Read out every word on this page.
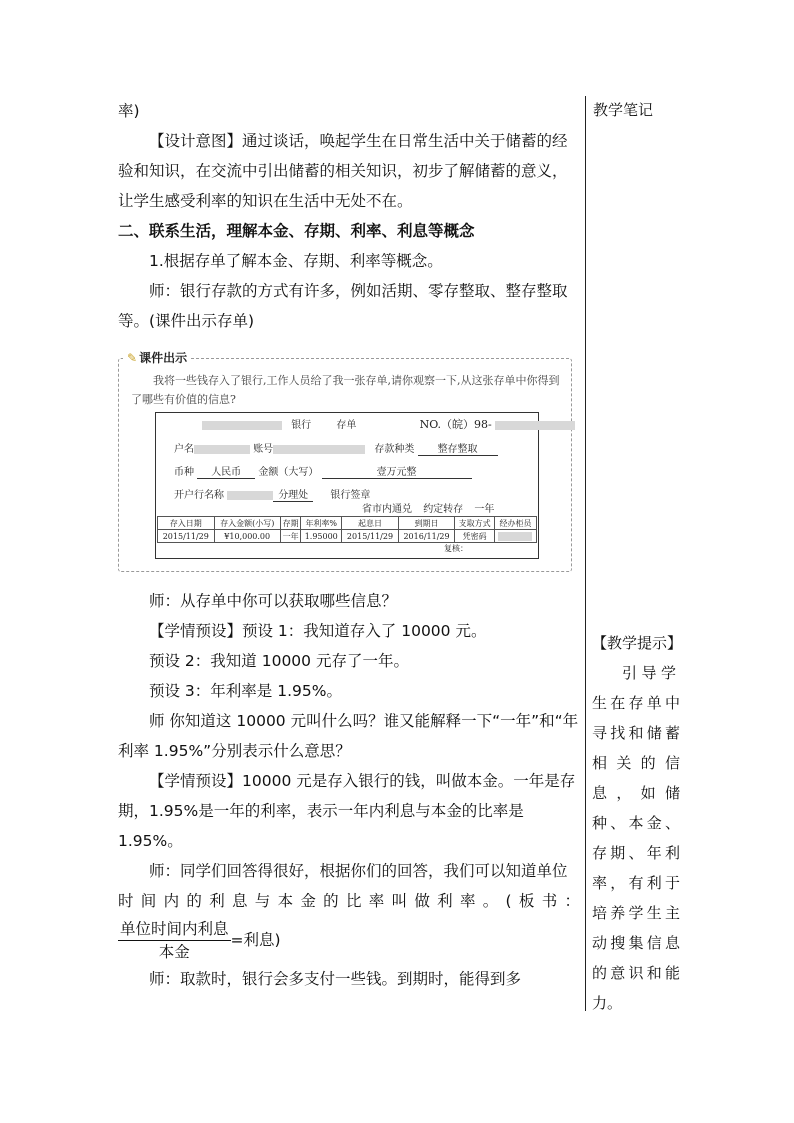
率)

【设计意图】通过谈话，唤起学生在日常生活中关于储蓄的经验和知识，在交流中引出储蓄的相关知识，初步了解储蓄的意义，让学生感受利率的知识在生活中无处不在。

二、联系生活，理解本金、存期、利率、利息等概念

1.根据存单了解本金、存期、利率等概念。

师：银行存款的方式有许多，例如活期、零存整取、整存整取等。(课件出示存单)

师：从存单中你可以获取哪些信息？

【学情预设】预设 1：我知道存入了 10000 元。

预设 2：我知道 10000 元存了一年。

预设 3：年利率是 1.95%。

师 你知道这 10000 元叫什么吗？谁又能解释一下“一年”和“年利率 1.95%”分别表示什么意思？

【学情预设】10000 元是存入银行的钱，叫做本金。一年是存期，1.95%是一年的利率，表示一年内利息与本金的比率是 1.95%。

师：同学们回答得很好，根据你们的回答，我们可以知道单位

时间内的利息与本金的比率叫做利率。(板书：

$\frac{\text{单位时间内利息}}{\text{本金}}$ =利息)

师：取款时，银行会多支付一些钱。到期时，能得到多

✎ 课件出示
我将一些钱存入了银行,工作人员给了我一张存单,请你观察一下,从这张存单中你得到了哪些有价值的信息?
银行	存单	NO.（皖）98-
户名	账号	存款种类 整存整取
币种 人民币 金额（大写）	壹万元整
开户行名称	分理处 银行签章
省市内通兑 约定转存 一年
存入日期	存入金额(小写)	存期	年利率%	起息日	到期日	支取方式	经办柜员
2015/11/29	¥10,000.00	一年	1.95000	2015/11/29	2016/11/29	凭密码	
复核：
教学笔记

【教学提示】

引导学生在存单中寻找和储蓄相关的信息，如储种、本金、存期、年利率，有利于培养学生主动搜集信息的意识和能力。
